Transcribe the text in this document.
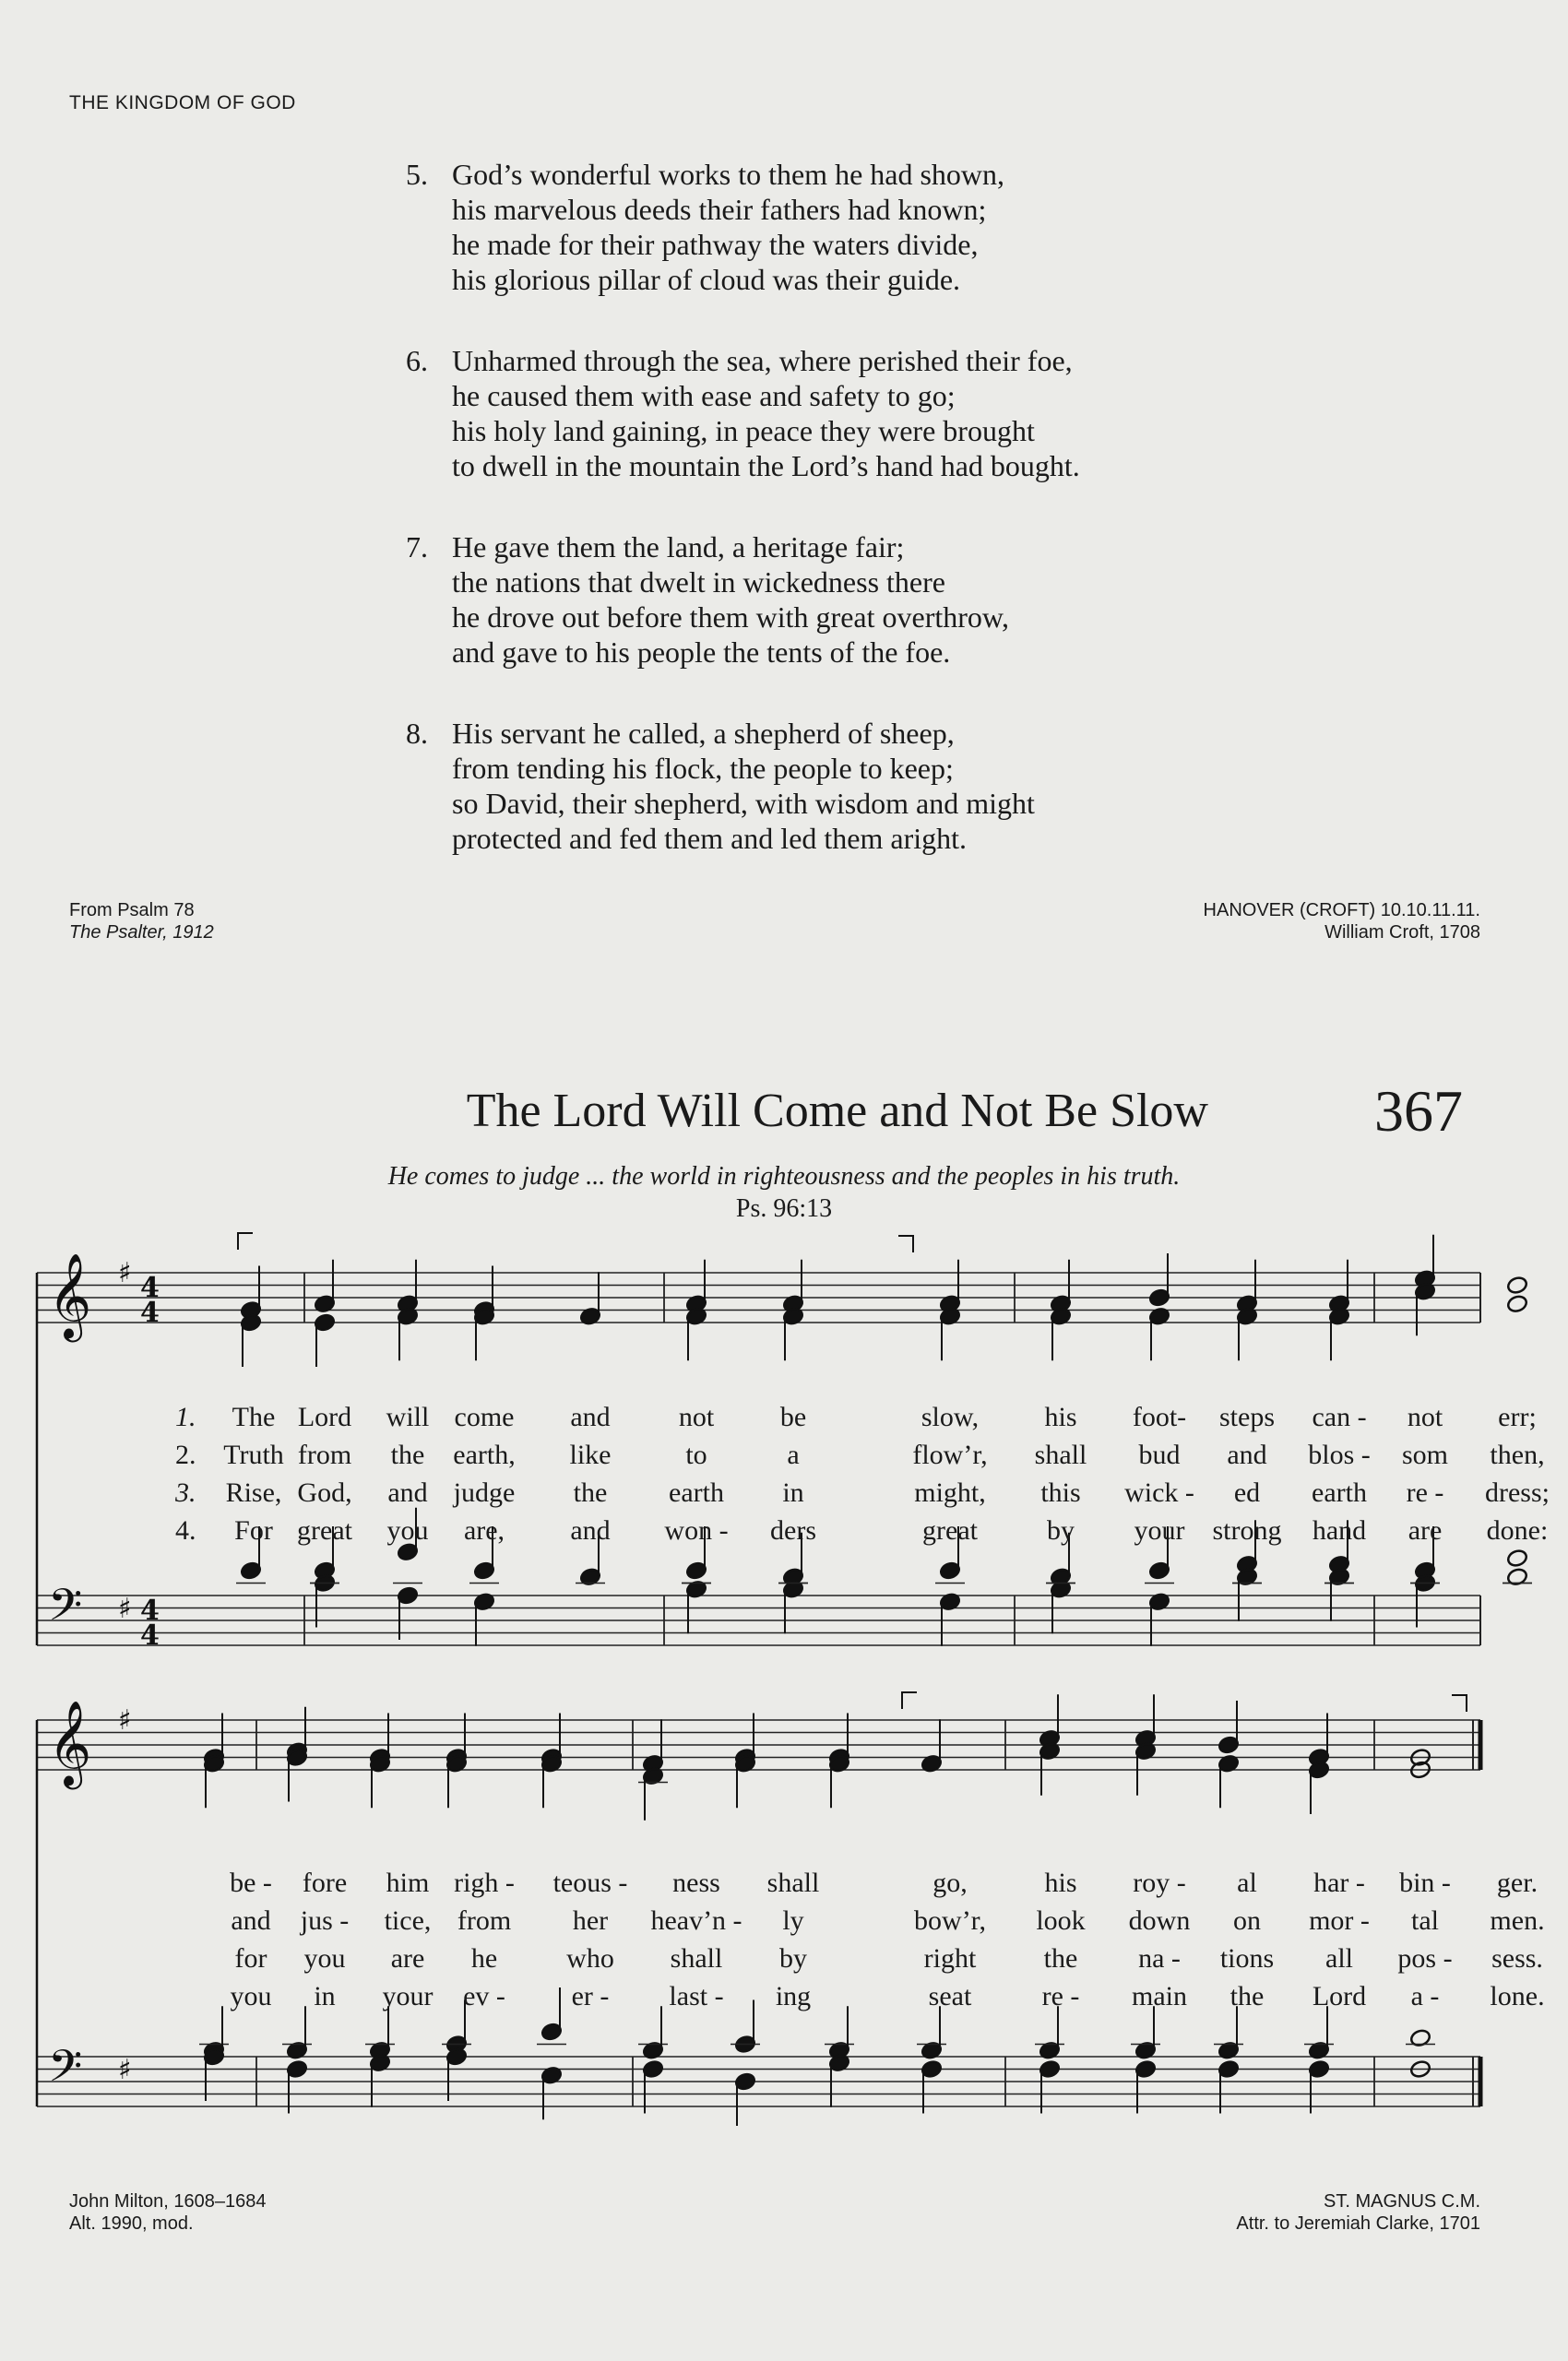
THE KINGDOM OF GOD
5. God’s wonderful works to them he had shown,
his marvelous deeds their fathers had known;
he made for their pathway the waters divide,
his glorious pillar of cloud was their guide.
6. Unharmed through the sea, where perished their foe,
he caused them with ease and safety to go;
his holy land gaining, in peace they were brought
to dwell in the mountain the Lord’s hand had bought.
7. He gave them the land, a heritage fair;
the nations that dwelt in wickedness there
he drove out before them with great overthrow,
and gave to his people the tents of the foe.
8. His servant he called, a shepherd of sheep,
from tending his flock, the people to keep;
so David, their shepherd, with wisdom and might
protected and fed them and led them aright.
From Psalm 78
The Psalter, 1912
HANOVER (CROFT) 10.10.11.11.
William Croft, 1708
The Lord Will Come and Not Be Slow	367
He comes to judge ... the world in righteousness and the peoples in his truth.
Ps. 96:13
𝄞 ♯ 4
4
𝄢 ♯ 4
4
𝄞 ♯
𝄢 ♯
1. The Lord will come and not be	slow, his foot- steps can - not err;
2. Truth from the earth, like	to	a	flow’r, shall bud and blos - som then,
3. Rise, God, and judge the earth in	might, this wick - ed earth re - dress;
4. For great you are, and won - ders	great	by your strong hand are done:
be - fore him righ - teous - ness shall	go,	his roy - al har - bin - ger.
and jus - tice, from her heav’n - ly	bow’r, look down on mor - tal men.
for you are he	who shall by	right the na - tions all pos - sess.
you in your ev - er - last - ing	seat	re - main the Lord a - lone.
John Milton, 1608–1684
Alt. 1990, mod.
ST. MAGNUS C.M.
Attr. to Jeremiah Clarke, 1701
